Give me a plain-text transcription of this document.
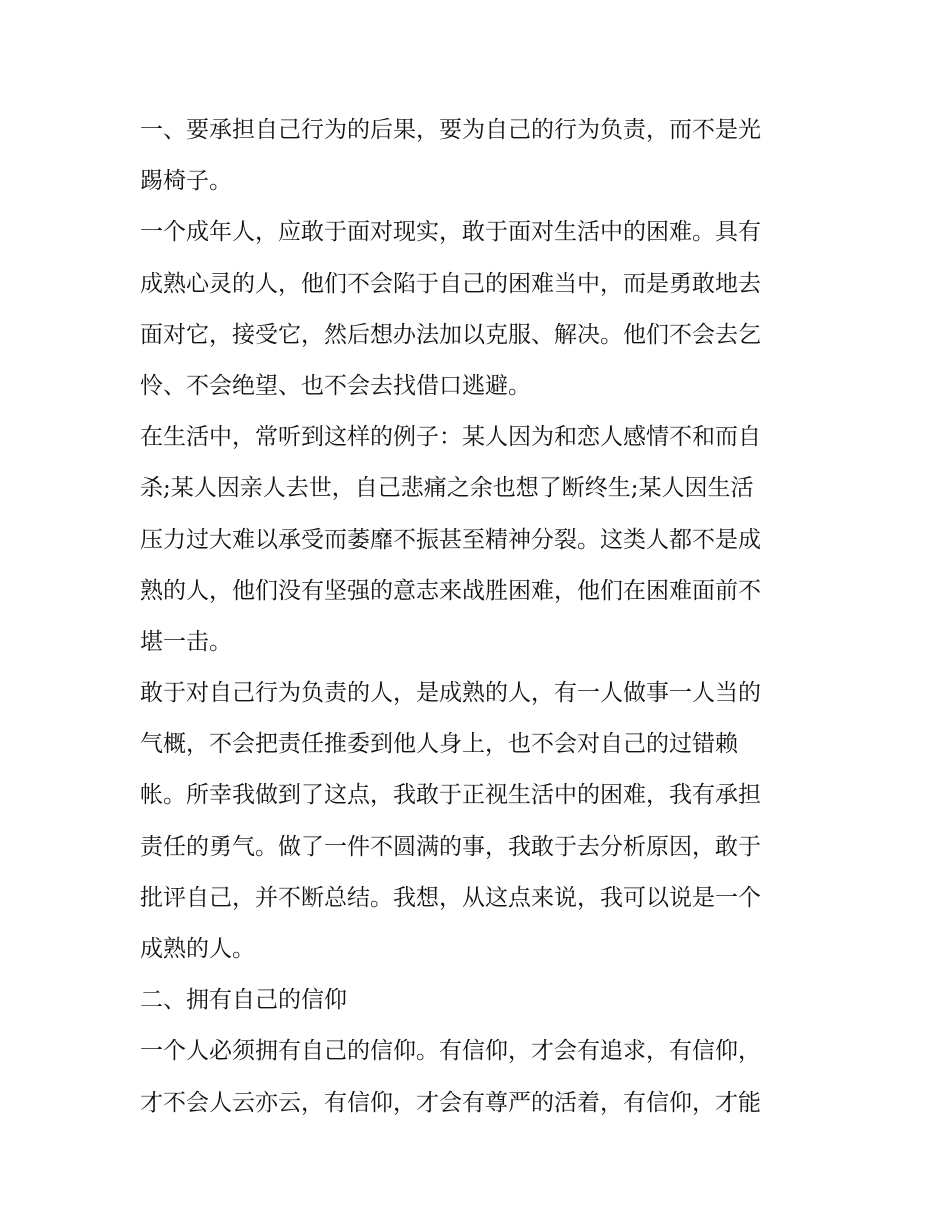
一、要承担自己行为的后果，要为自己的行为负责，而不是光
踢椅子。
一个成年人，应敢于面对现实，敢于面对生活中的困难。具有
成熟心灵的人，他们不会陷于自己的困难当中，而是勇敢地去
面对它，接受它，然后想办法加以克服、解决。他们不会去乞
怜、不会绝望、也不会去找借口逃避。
在生活中，常听到这样的例子：某人因为和恋人感情不和而自
杀;某人因亲人去世，自己悲痛之余也想了断终生;某人因生活
压力过大难以承受而萎靡不振甚至精神分裂。这类人都不是成
熟的人，他们没有坚强的意志来战胜困难，他们在困难面前不
堪一击。
敢于对自己行为负责的人，是成熟的人，有一人做事一人当的
气概，不会把责任推委到他人身上，也不会对自己的过错赖
帐。所幸我做到了这点，我敢于正视生活中的困难，我有承担
责任的勇气。做了一件不圆满的事，我敢于去分析原因，敢于
批评自己，并不断总结。我想，从这点来说，我可以说是一个
成熟的人。
二、拥有自己的信仰
一个人必须拥有自己的信仰。有信仰，才会有追求，有信仰，
才不会人云亦云，有信仰，才会有尊严的活着，有信仰，才能
